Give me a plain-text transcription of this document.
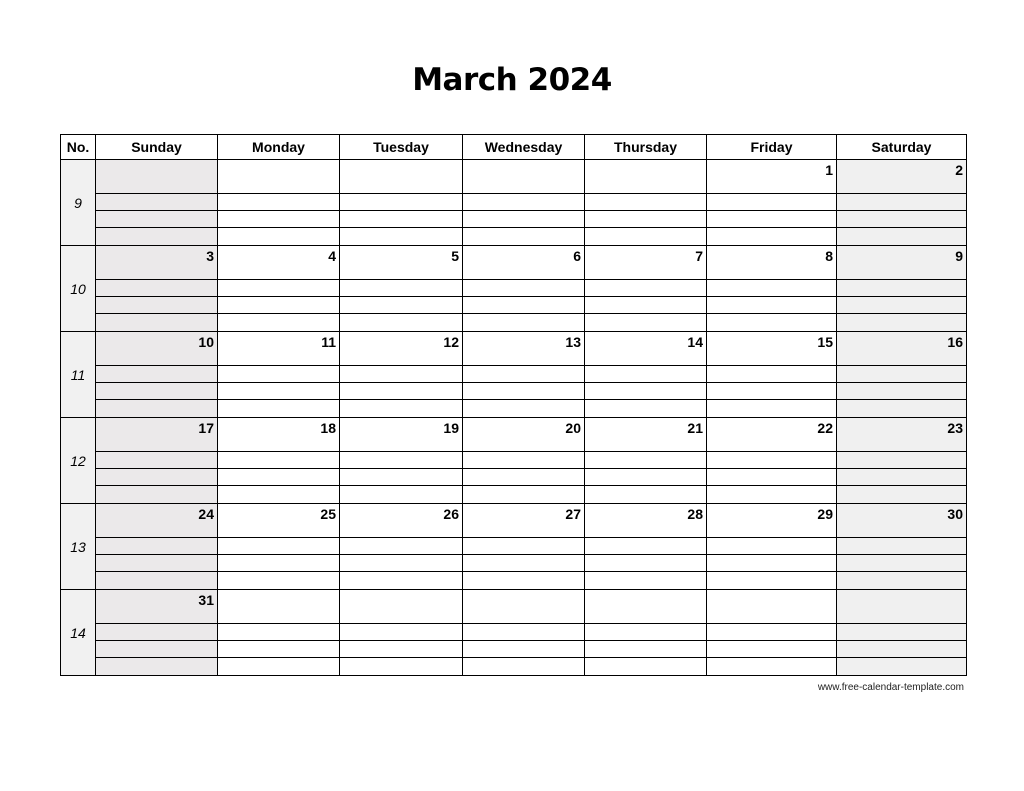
March 2024
No.	Sunday	Monday	Tuesday	Wednesday	Thursday	Friday	Saturday
9						1	2

10	3	4	5	6	7	8	9

11	10	11	12	13	14	15	16

12	17	18	19	20	21	22	23

13	24	25	26	27	28	29	30

14	31						

www.free-calendar-template.com
